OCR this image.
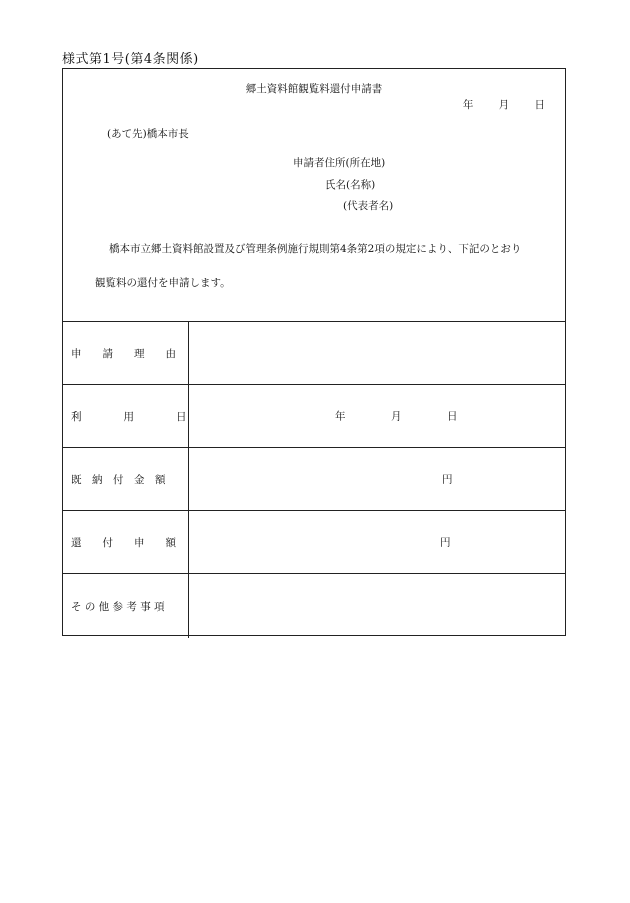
様式第1号(第4条関係)
郷土資料館観覧料還付申請書
年 月 日
(あて先)橋本市長
申請者住所(所在地)
氏名(名称)
(代表者名)
橋本市立郷土資料館設置及び管理条例施行規則第4条第2項の規定により、下記のとおり
観覧料の還付を申請します。
申　　請　　理　　由
利　　　　用　　　　日	年	月	日
既　納　付　金　額	円
還　　付　　申　　額	円
そ の 他 参 考 事 項
